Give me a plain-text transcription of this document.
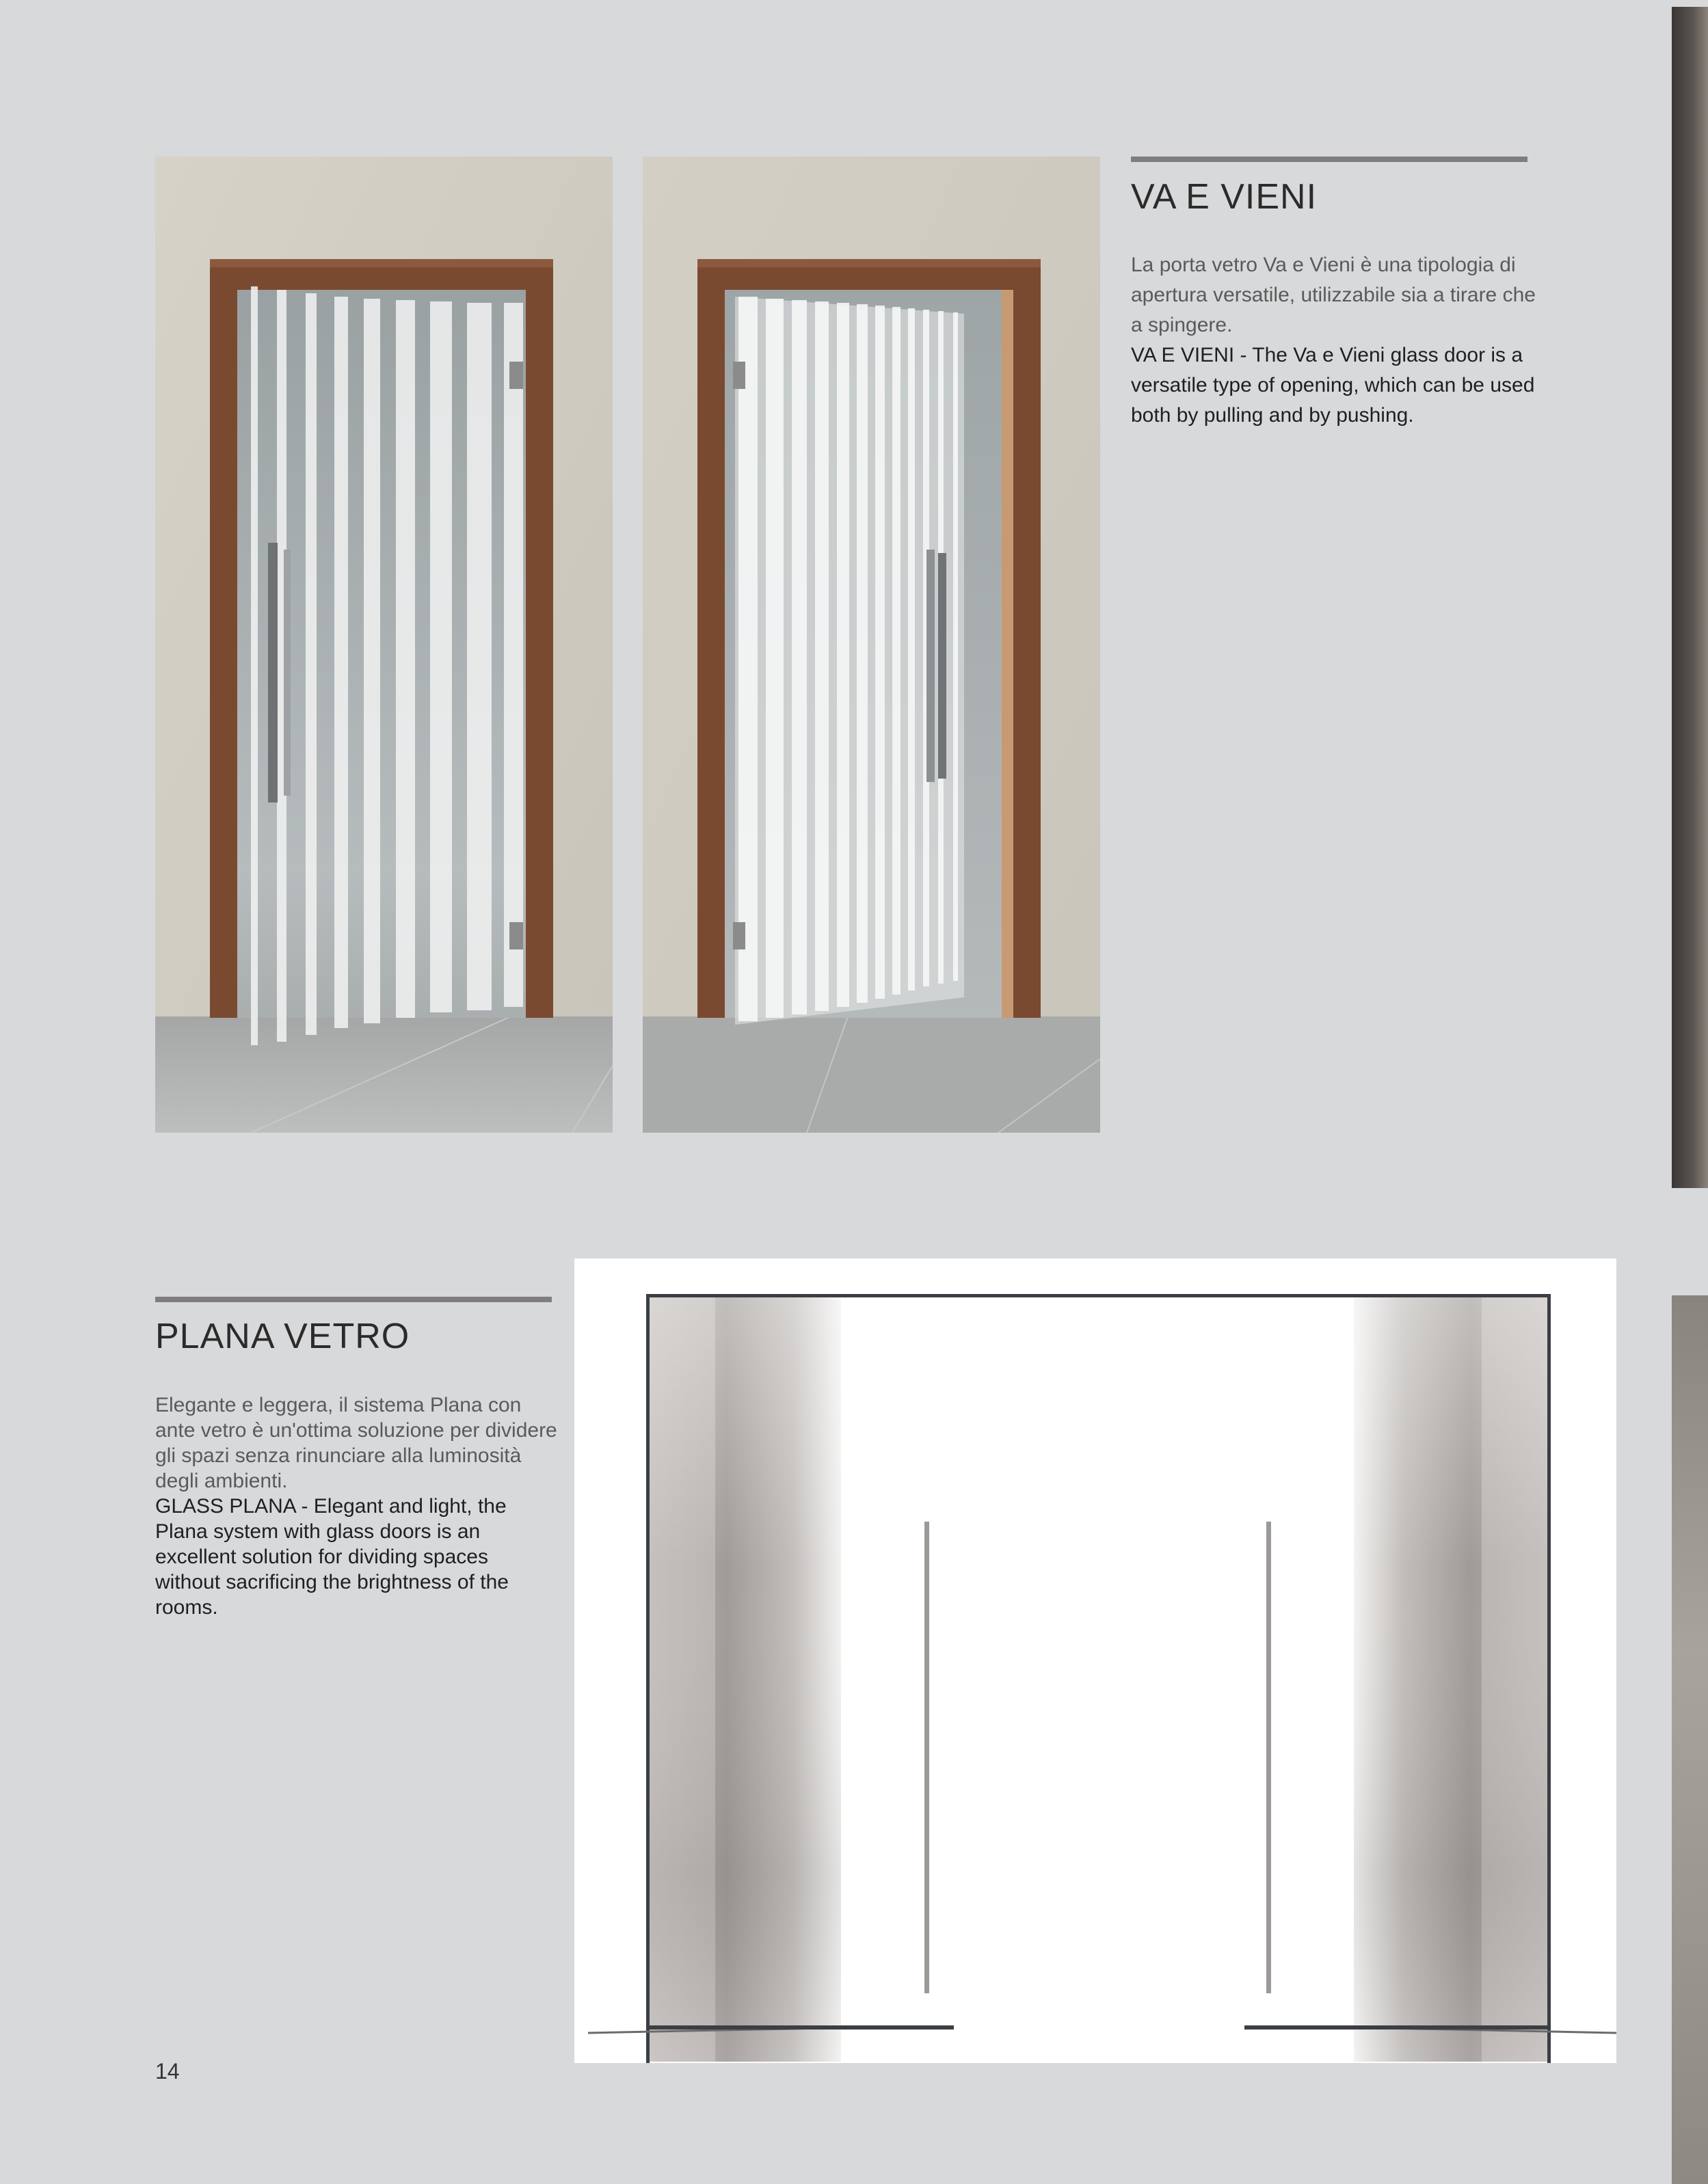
VA E VIENI
La porta vetro Va e Vieni è una tipologia di apertura versatile, utilizzabile sia a tirare che a spingere.
VA E VIENI - The Va e Vieni glass door is a versatile type of opening, which can be used both by pulling and by pushing.
PLANA VETRO
Elegante e leggera, il sistema Plana con ante vetro è un'ottima soluzione per dividere gli spazi senza rinunciare alla luminosità degli ambienti.
GLASS PLANA - Elegant and light, the Plana system with glass doors is an excellent solution for dividing spaces without sacrificing the brightness of the rooms.
14
